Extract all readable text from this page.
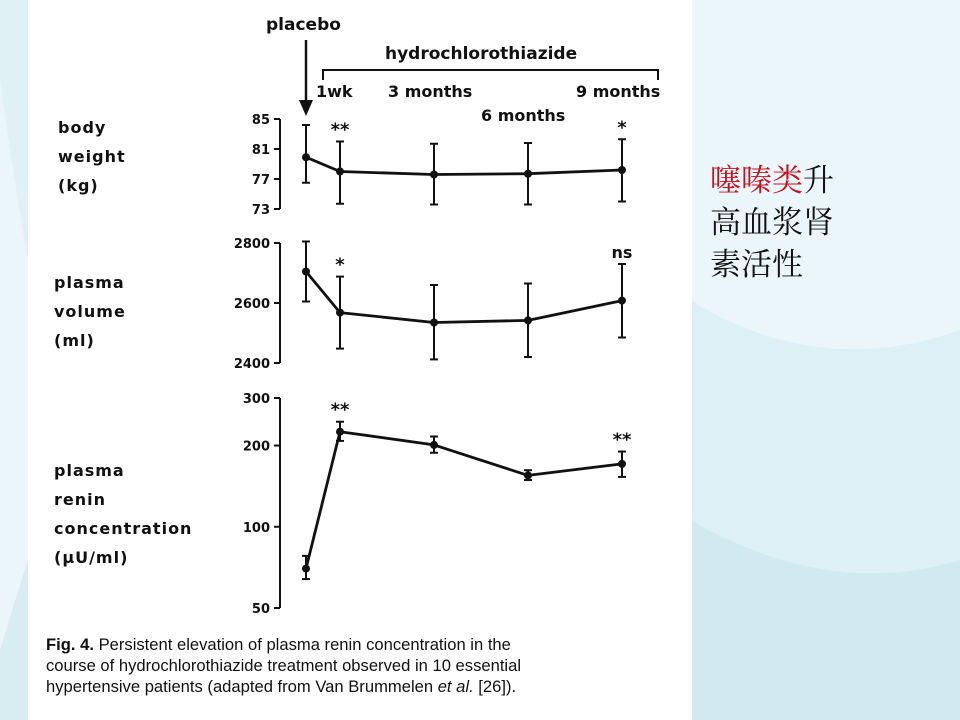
placebo
hydrochlorothiazide
1wk 3 months
6 months
9 months
85
81
77
73
**	*
2800
2600
2400
*
ns
300
200
100
50
**
**
body
weight
(kg)
plasma
volume
(ml)
plasma
renin
concentration
(μU/ml)
Fig. 4. Persistent elevation of plasma renin concentration in the
course of hydrochlorothiazide treatment observed in 10 essential
hypertensive patients (adapted from Van Brummelen et al. [26]).
噻嗪类升
高血浆肾
素活性
